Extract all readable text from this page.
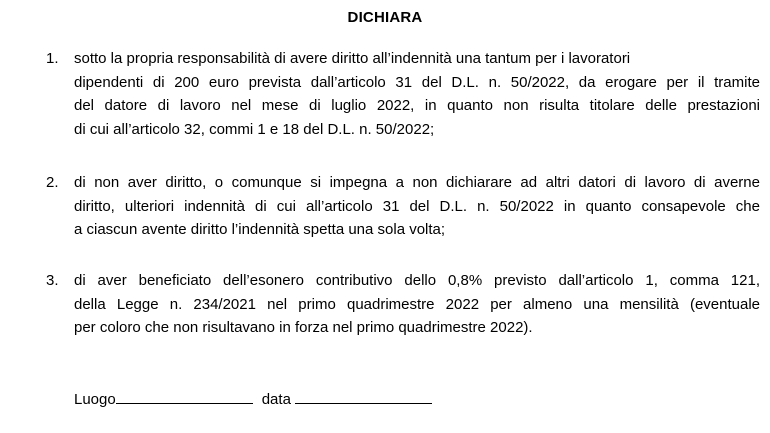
DICHIARA
1.	sotto la propria responsabilità di avere diritto all’indennità una tantum per i lavoratori
dipendenti di 200 euro prevista dall’articolo 31 del D.L. n. 50/2022, da erogare per il tramite
del datore di lavoro nel mese di luglio 2022, in quanto non risulta titolare delle prestazioni
di cui all’articolo 32, commi 1 e 18 del D.L. n. 50/2022;
2.	di non aver diritto, o comunque si impegna a non dichiarare ad altri datori di lavoro di averne
diritto, ulteriori indennità di cui all’articolo 31 del D.L. n. 50/2022 in quanto consapevole che
a ciascun avente diritto l’indennità spetta una sola volta;
3.	di aver beneficiato dell’esonero contributivo dello 0,8% previsto dall’articolo 1, comma 121,
della Legge n. 234/2021 nel primo quadrimestre 2022 per almeno una mensilità (eventuale
per coloro che non risultavano in forza nel primo quadrimestre 2022).
Luogo	data
